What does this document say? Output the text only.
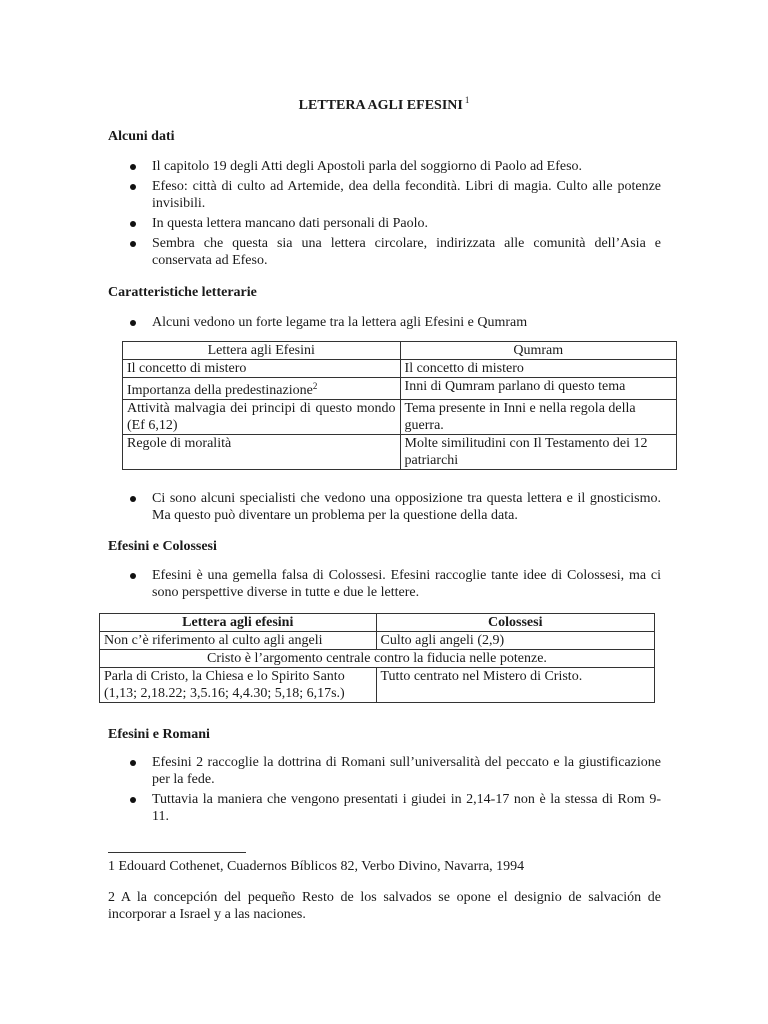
LETTERA AGLI EFESINI $^1$
Alcuni dati
Il capitolo 19 degli Atti degli Apostoli parla del soggiorno di Paolo ad Efeso.
Efeso: città di culto ad Artemide, dea della fecondità. Libri di magia. Culto alle potenze invisibili.
In questa lettera mancano dati personali di Paolo.
Sembra che questa sia una lettera circolare, indirizzata alle comunità dell’Asia e conservata ad Efeso.
Caratteristiche letterarie
Alcuni vedono un forte legame tra la lettera agli Efesini e Qumram
Lettera agli Efesini	Qumram
Il concetto di mistero	Il concetto di mistero
Importanza della predestinazione$^2$	Inni di Qumram parlano di questo tema
Attività malvagia dei principi di questo mondo (Ef 6,12)	Tema presente in Inni e nella regola della guerra.
Regole di moralità	Molte similitudini con Il Testamento dei 12 patriarchi
Ci sono alcuni specialisti che vedono una opposizione tra questa lettera e il gnosticismo. Ma questo può diventare un problema per la questione della data.
Efesini e Colossesi
Efesini è una gemella falsa di Colossesi. Efesini raccoglie tante idee di Colossesi, ma ci sono perspettive diverse in tutte e due le lettere.
Lettera agli efesini	Colossesi
Non c’è riferimento al culto agli angeli	Culto agli angeli (2,9)
Cristo è l’argomento centrale contro la fiducia nelle potenze.	
Parla di Cristo, la Chiesa e lo Spirito Santo (1,13; 2,18.22; 3,5.16; 4,4.30; 5,18; 6,17s.)	Tutto centrato nel Mistero di Cristo.
Efesini e Romani
Efesini 2 raccoglie la dottrina di Romani sull’universalità del peccato e la giustificazione per la fede.
Tuttavia la maniera che vengono presentati i giudei in 2,14-17 non è la stessa di Rom 9-11.
1 Edouard Cothenet, Cuadernos Bíblicos 82, Verbo Divino, Navarra, 1994
2 A la concepción del pequeño Resto de los salvados se opone el designio de salvación de incorporar a Israel y a las naciones.
